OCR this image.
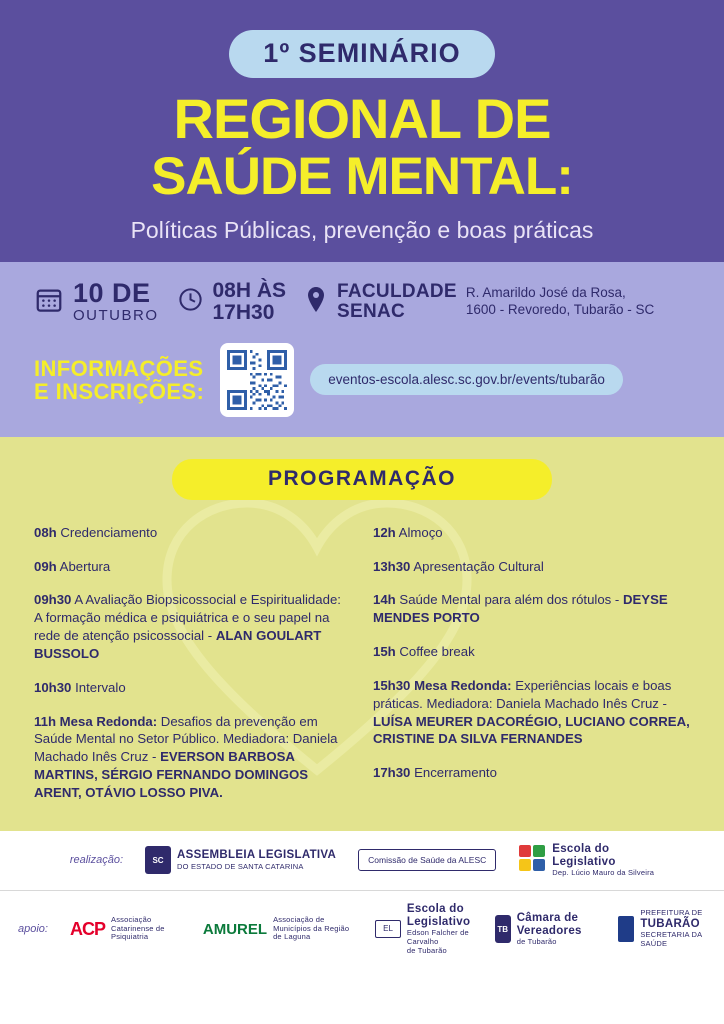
1º SEMINÁRIO
REGIONAL DE
SAÚDE MENTAL:
Políticas Públicas, prevenção e boas práticas
10 DE
OUTUBRO
08H ÀS
17H30
FACULDADE
SENAC
R. Amarildo José da Rosa,
1600 - Revoredo, Tubarão - SC
INFORMAÇÕES
E INSCRIÇÕES:	eventos-escola.alesc.sc.gov.br/events/tubarão
PROGRAMAÇÃO
08h Credenciamento
09h Abertura
09h30 A Avaliação Biopsicossocial e Espiritualidade: A formação médica e psiquiátrica e o seu papel na rede de atenção psicossocial - ALAN GOULART BUSSOLO
10h30 Intervalo
11h Mesa Redonda: Desafios da prevenção em Saúde Mental no Setor Público. Mediadora: Daniela Machado Inês Cruz - EVERSON BARBOSA MARTINS, SÉRGIO FERNANDO DOMINGOS ARENT, OTÁVIO LOSSO PIVA.
12h Almoço
13h30 Apresentação Cultural
14h Saúde Mental para além dos rótulos - DEYSE MENDES PORTO
15h Coffee break
15h30 Mesa Redonda: Experiências locais e boas práticas. Mediadora: Daniela Machado Inês Cruz - LUÍSA MEURER DACORÉGIO, LUCIANO CORREA, CRISTINE DA SILVA FERNANDES
17h30 Encerramento
realização:	SC	ASSEMBLEIA LEGISLATIVA
DO ESTADO DE SANTA CATARINA
Comissão de Saúde da ALESC
Escola do
Legislativo
Dep. Lúcio Mauro da Silveira
apoio: ACP Associação Catarinense de Psiquiatria	AMUREL
Associação de Municípios da Região de Laguna
EL
Escola do Legislativo
Edson Falcher de Carvalho
de Tubarão
TB
Câmara de Vereadores
de Tubarão
PREFEITURA DE
TUBARÃO
SECRETARIA DA SAÚDE
